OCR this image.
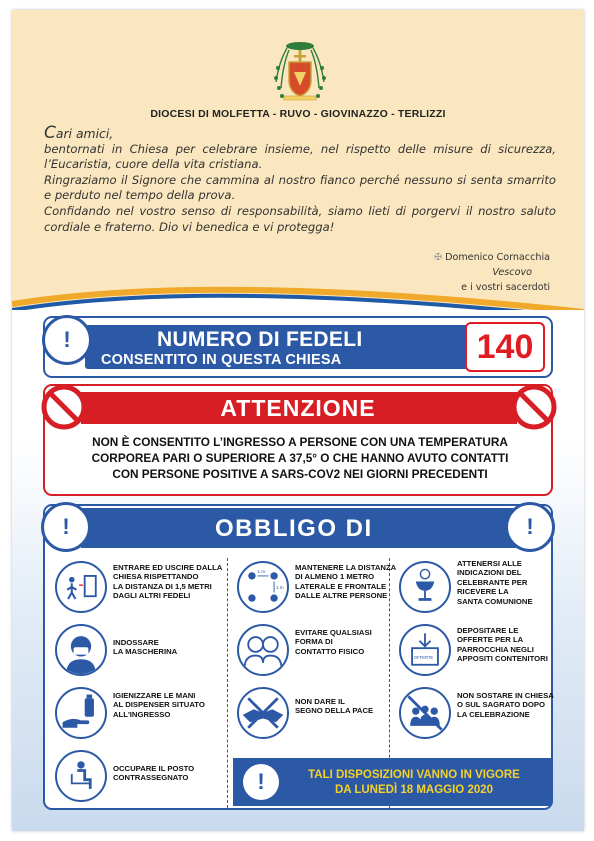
DIOCESI DI MOLFETTA - RUVO - GIOVINAZZO - TERLIZZI

Cari amici,

bentornati in Chiesa per celebrare insieme, nel rispetto delle misure di sicurezza, l’Eucaristia, cuore della vita cristiana.

Ringraziamo il Signore che cammina al nostro fianco perché nessuno si senta smarrito e perduto nel tempo della prova.

Confidando nel vostro senso di responsabilità, siamo lieti di porgervi il nostro saluto cordiale e fraterno. Dio vi benedica e vi protegga!

✠ Domenico Cornacchia
Vescovo
e i vostri sacerdoti
!	NUMERO DI FEDELI
CONSENTITO IN QUESTA CHIESA	140
ATTENZIONE
NON È CONSENTITO L’INGRESSO A PERSONE CON UNA TEMPERATURA
CORPOREA PARI O SUPERIORE A 37,5° O CHE HANNO AVUTO CONTATTI
CON PERSONE POSITIVE A SARS-COV2 NEI GIORNI PRECEDENTI
!	!
OBBLIGO DI
ENTRARE ED USCIRE DALLA
CHIESA RISPETTANDO
LA DISTANZA DI 1,5 METRI
DAGLI ALTRI FEDELI
INDOSSARE
LA MASCHERINA
IGIENIZZARE LE MANI
AL DISPENSER SITUATO
ALL'INGRESSO
OCCUPARE IL POSTO
CONTRASSEGNATO
1 m
1 m
MANTENERE LA DISTANZA
DI ALMENO 1 METRO
LATERALE E FRONTALE
DALLE ALTRE PERSONE
EVITARE QUALSIASI
FORMA DI
CONTATTO FISICO
NON DARE IL
SEGNO DELLA PACE
ATTENERSI ALLE
INDICAZIONI DEL
CELEBRANTE PER
RICEVERE LA
SANTA COMUNIONE
OFFERTE
DEPOSITARE LE
OFFERTE PER LA
PARROCCHIA NEGLI
APPOSITI CONTENITORI
NON SOSTARE IN CHIESA
O SUL SAGRATO DOPO
LA CELEBRAZIONE
!	TALI DISPOSIZIONI VANNO IN VIGORE
DA LUNEDÌ 18 MAGGIO 2020
